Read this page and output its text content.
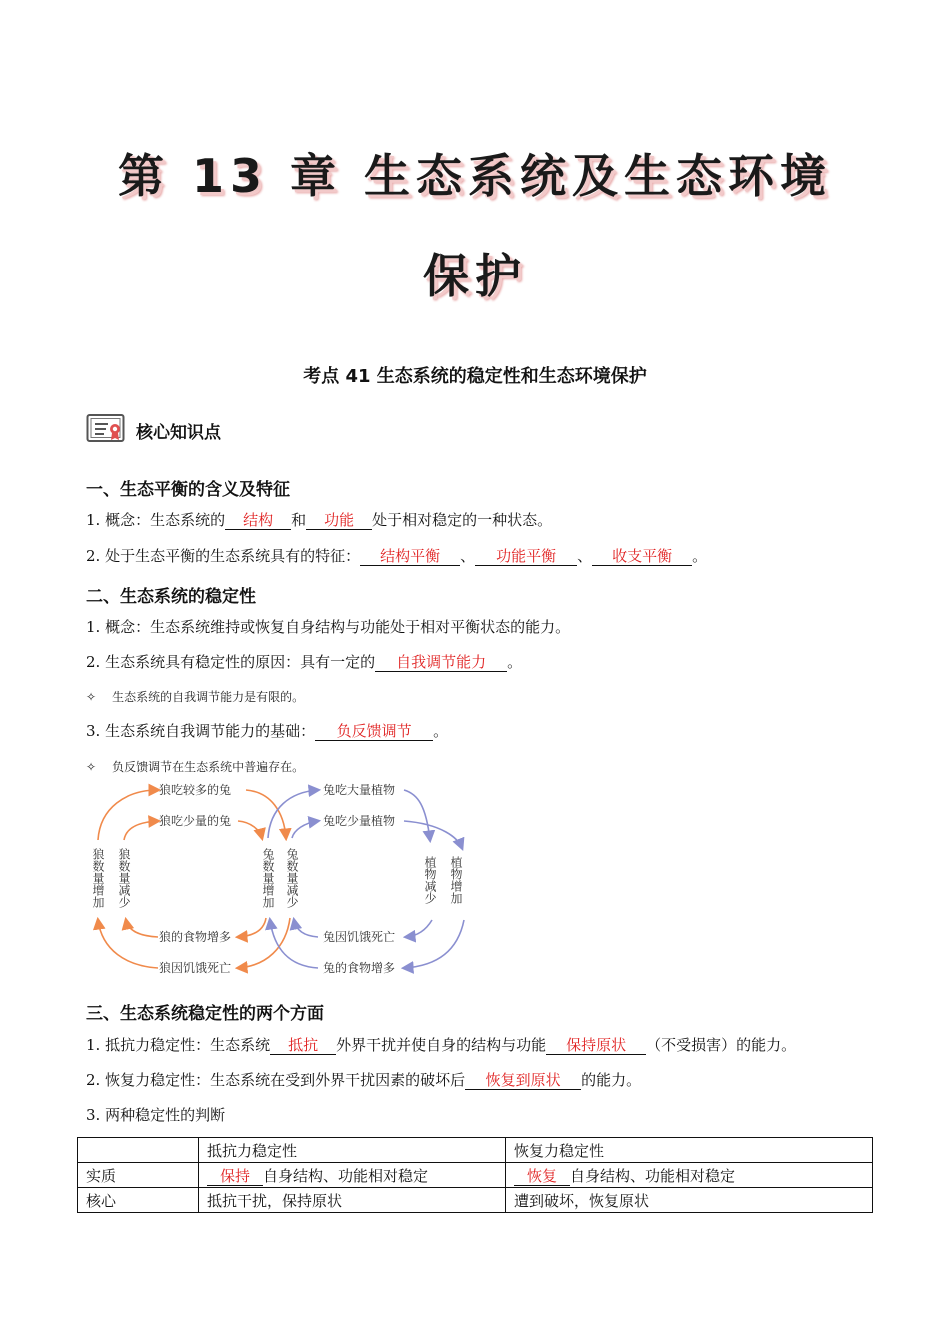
第 13 章 生态系统及生态环境
保护
考点 41 生态系统的稳定性和生态环境保护
核心知识点
一、生态平衡的含义及特征
1. 概念：生态系统的 结构 和 功能 处于相对稳定的一种状态。
2. 处于生态平衡的生态系统具有的特征： 结构平衡 、 功能平衡 、 收支平衡 。
二、生态系统的稳定性
1. 概念：生态系统维持或恢复自身结构与功能处于相对平衡状态的能力。
2. 生态系统具有稳定性的原因：具有一定的 自我调节能力 。
✧ 生态系统的自我调节能力是有限的。
3. 生态系统自我调节能力的基础： 负反馈调节 。
✧ 负反馈调节在生态系统中普遍存在。
狼吃较多的兔
狼吃少量的兔
狼的食物增多
狼因饥饿死亡
兔吃大量植物
兔吃少量植物
兔因饥饿死亡
兔的食物增多
狼数量增加 狼数量减少	兔数量增加 兔数量减少	植物减少 植物增加
三、生态系统稳定性的两个方面
1. 抵抗力稳定性：生态系统 抵抗 外界干扰并使自身的结构与功能 保持原状 （不受损害）的能力。
2. 恢复力稳定性：生态系统在受到外界干扰因素的破坏后 恢复到原状 的能力。
3. 两种稳定性的判断
	抵抗力稳定性	恢复力稳定性
实质	保持 自身结构、功能相对稳定	恢复 自身结构、功能相对稳定
核心	抵抗干扰，保持原状	遭到破坏，恢复原状
